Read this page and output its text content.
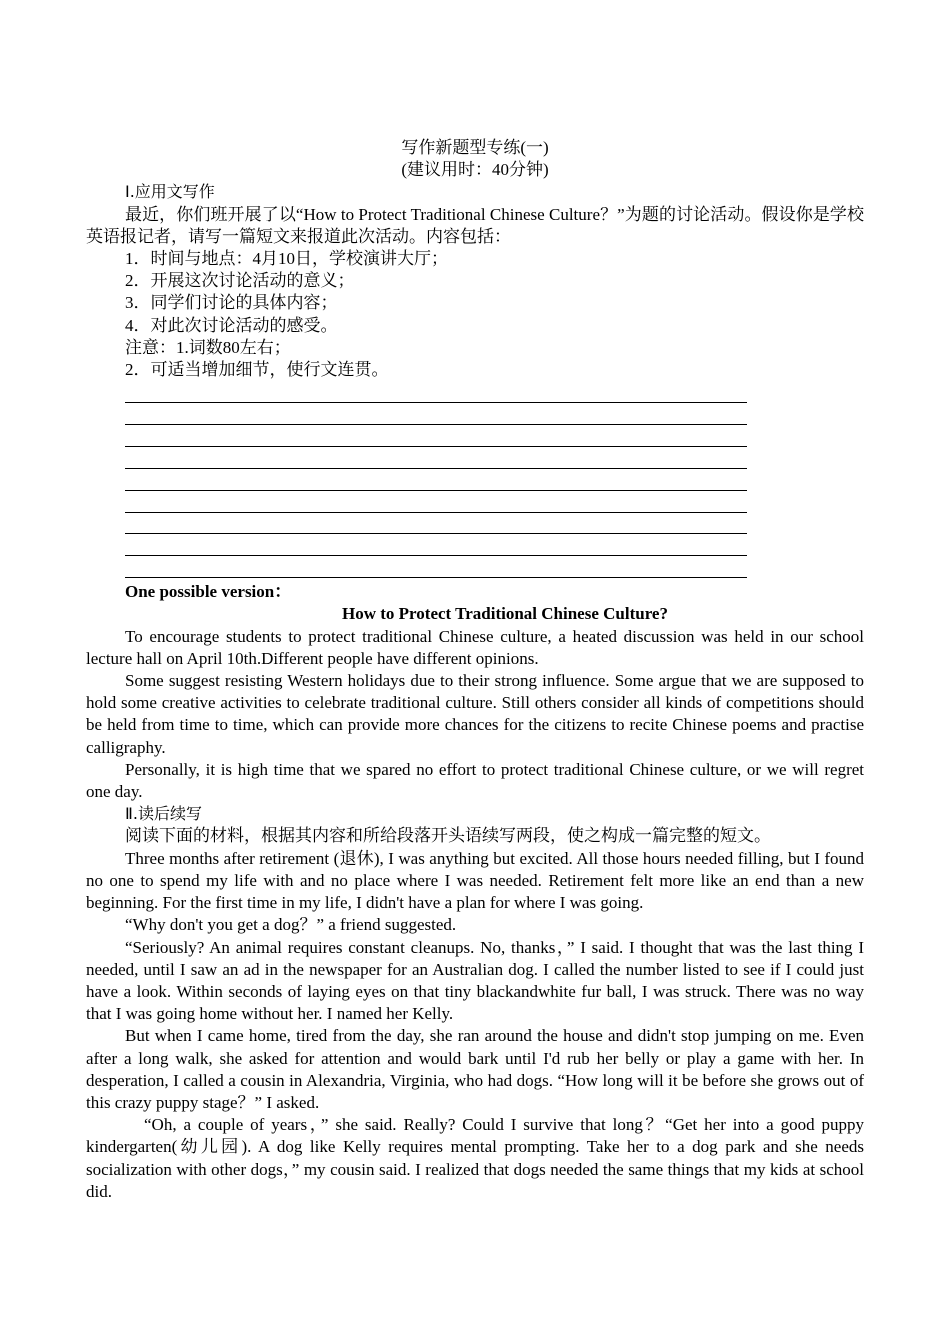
写作新题型专练(一)

(建议用时：40分钟)

Ⅰ.应用文写作

最近，你们班开展了以“How to Protect Traditional Chinese Culture？”为题的讨论活动。假设你是学校英语报记者，请写一篇短文来报道此次活动。内容包括：

1．时间与地点：4月10日，学校演讲大厅；

2．开展这次讨论活动的意义；

3．同学们讨论的具体内容；

4．对此次讨论活动的感受。

注意：1.词数80左右；

2．可适当增加细节，使行文连贯。

One possible version：

How to Protect Traditional Chinese Culture?

To encourage students to protect traditional Chinese culture, a heated discussion was held in our school lecture hall on April 10th.Different people have different opinions.

Some suggest resisting Western holidays due to their strong influence. Some argue that we are supposed to hold some creative activities to celebrate traditional culture. Still others consider all kinds of competitions should be held from time to time, which can provide more chances for the citizens to recite Chinese poems and practise calligraphy.

Personally, it is high time that we spared no effort to protect traditional Chinese culture, or we will regret one day.

Ⅱ.读后续写

阅读下面的材料，根据其内容和所给段落开头语续写两段，使之构成一篇完整的短文。

Three months after retirement (退休), I was anything but excited. All those hours needed filling, but I found no one to spend my life with and no place where I was needed. Retirement felt more like an end than a new beginning. For the first time in my life, I didn't have a plan for where I was going.

“Why don't you get a dog？” a friend suggested.

“Seriously? An animal requires constant cleanups. No, thanks，” I said. I thought that was the last thing I needed, until I saw an ad in the newspaper for an Australian dog. I called the number listed to see if I could just have a look. Within seconds of laying eyes on that tiny blackandwhite fur ball, I was struck. There was no way that I was going home without her. I named her Kelly.

But when I came home, tired from the day, she ran around the house and didn't stop jumping on me. Even after a long walk, she asked for attention and would bark until I'd rub her belly or play a game with her. In desperation, I called a cousin in Alexandria, Virginia, who had dogs. “How long will it be before she grows out of this crazy puppy stage？” I asked.

“Oh, a couple of years，” she said. Really? Could I survive that long？“Get her into a good puppy kindergarten(幼儿园). A dog like Kelly requires mental prompting. Take her to a dog park and she needs socialization with other dogs，” my cousin said. I realized that dogs needed the same things that my kids at school did.
